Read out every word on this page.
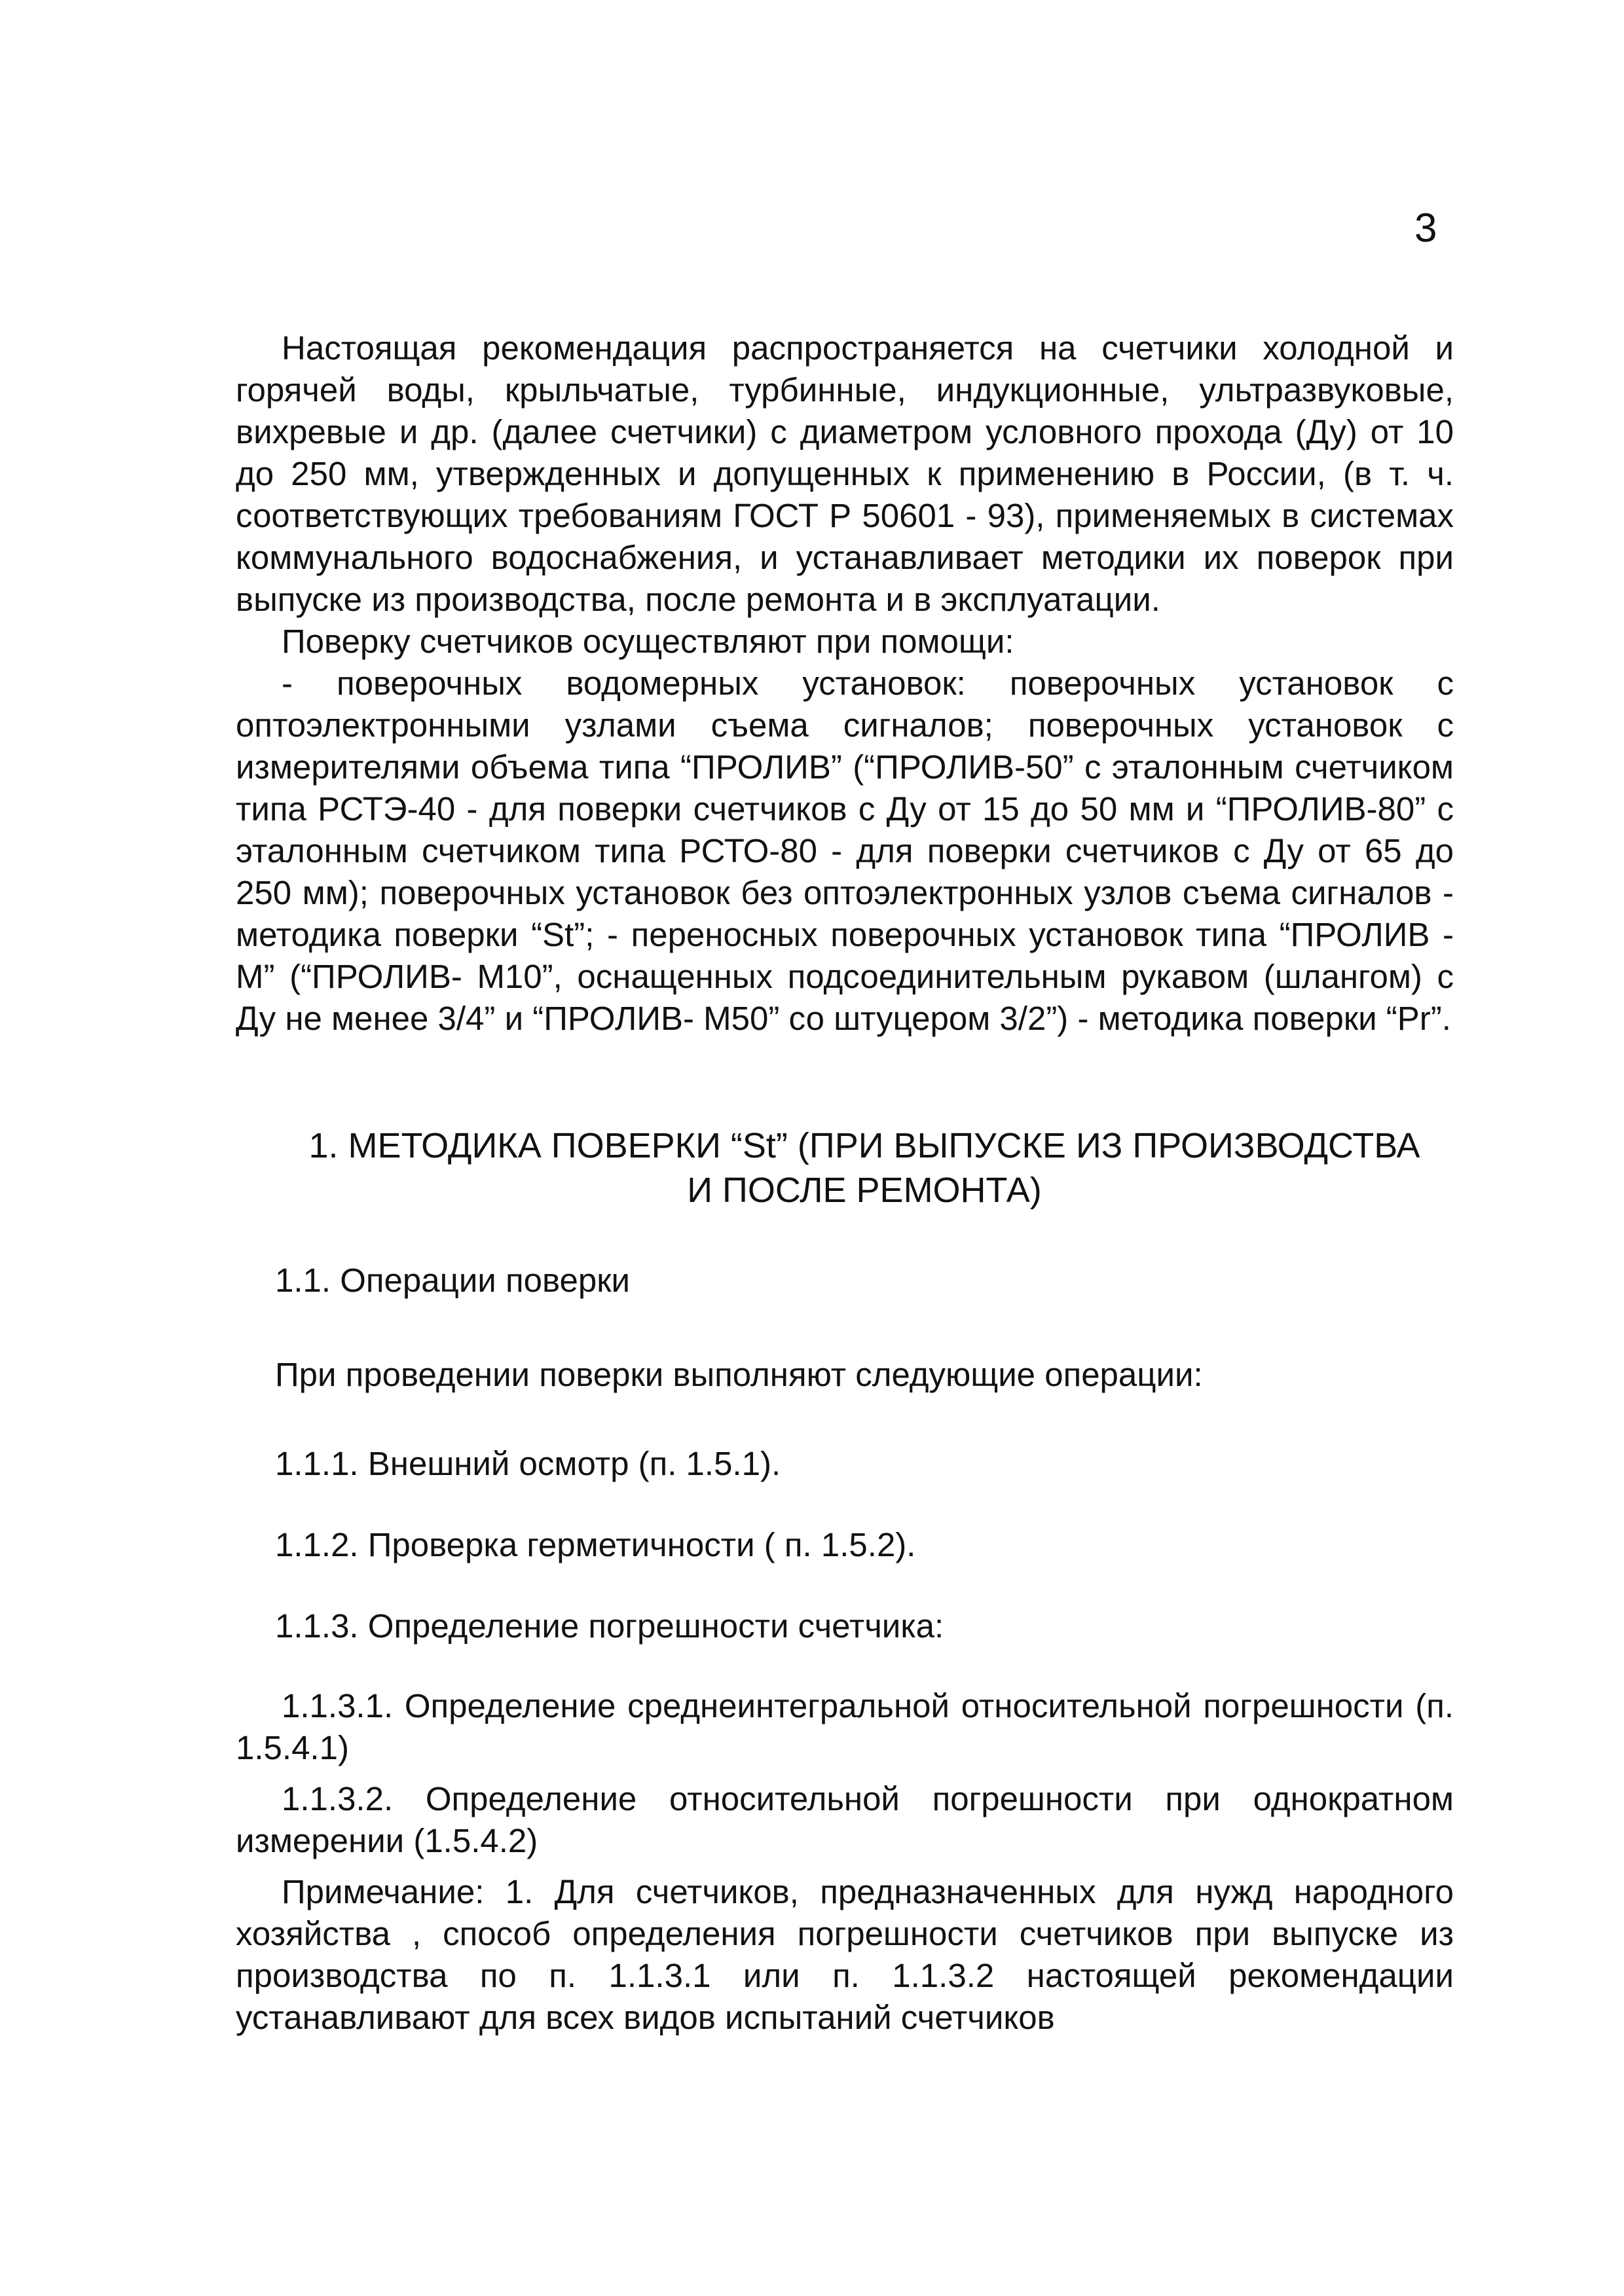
3

Настоящая рекомендация распространяется на счетчики холодной и горячей воды, крыльчатые, турбинные, индукционные, ультразвуковые, вихревые и др. (далее счетчики) с диаметром условного прохода (Ду) от 10 до 250 мм, утвержденных и допущенных к применению в России, (в т. ч. соответствующих требованиям ГОСТ Р 50601 - 93), применяемых в системах коммунального водоснабжения, и устанавливает методики их поверок при выпуске из производства, после ремонта и в эксплуатации.

Поверку счетчиков осуществляют при помощи:

- поверочных водомерных установок: поверочных установок с оптоэлектронными узлами съема сигналов; поверочных установок с измерителями объема типа “ПРОЛИВ” (“ПРОЛИВ-50” с эталонным счетчиком типа РСТЭ-40 - для поверки счетчиков с Ду от 15 до 50 мм и “ПРОЛИВ-80” с эталонным счетчиком типа РСТО-80 - для поверки счетчиков с Ду от 65 до 250 мм); поверочных установок без оптоэлектронных узлов съема сигналов - методика поверки “St”; - переносных поверочных установок типа “ПРОЛИВ - М” (“ПРОЛИВ- М10”, оснащенных подсоединительным рукавом (шлангом) с Ду не менее 3/4” и “ПРОЛИВ- М50” со штуцером 3/2”) - методика поверки “Pr”.

1. МЕТОДИКА ПОВЕРКИ “St” (ПРИ ВЫПУСКЕ ИЗ ПРОИЗВОДСТВА
И ПОСЛЕ РЕМОНТА)

1.1. Операции поверки

При проведении поверки выполняют следующие операции:

1.1.1. Внешний осмотр (п. 1.5.1).

1.1.2. Проверка герметичности ( п. 1.5.2).

1.1.3. Определение погрешности счетчика:

1.1.3.1. Определение среднеинтегральной относительной погрешности (п. 1.5.4.1)

1.1.3.2. Определение относительной погрешности при однократном измерении (1.5.4.2)

Примечание: 1. Для счетчиков, предназначенных для нужд народного хозяйства , способ определения погрешности счетчиков при выпуске из производства по п. 1.1.3.1 или п. 1.1.3.2 настоящей рекомендации устанавливают для всех видов испытаний счетчиков
